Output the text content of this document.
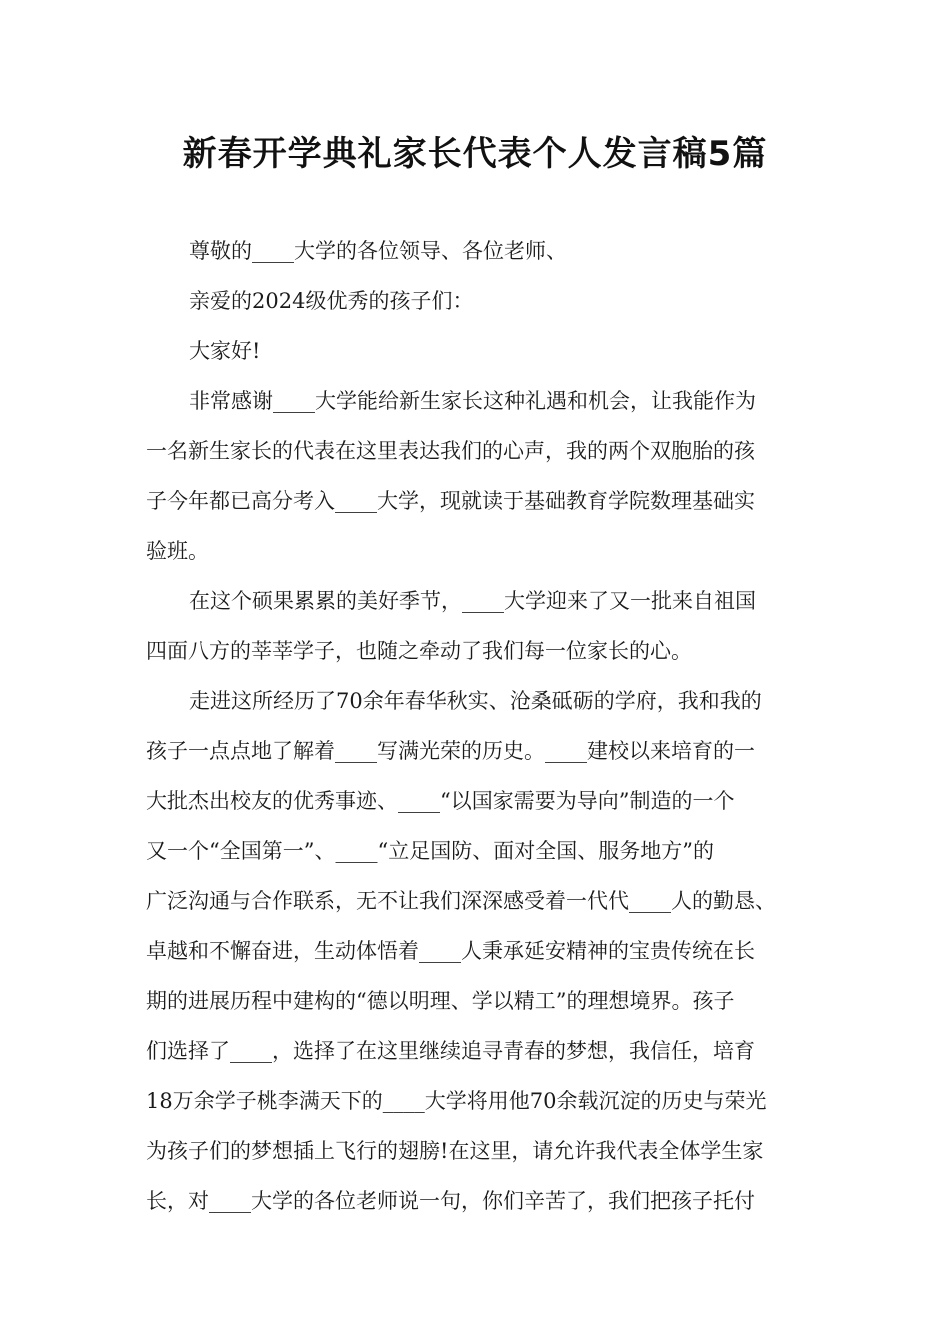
新春开学典礼家长代表个人发言稿5篇

尊敬的____大学的各位领导、各位老师、

亲爱的2024级优秀的孩子们：

大家好!

非常感谢____大学能给新生家长这种礼遇和机会，让我能作为

一名新生家长的代表在这里表达我们的心声，我的两个双胞胎的孩

子今年都已高分考入____大学，现就读于基础教育学院数理基础实

验班。

在这个硕果累累的美好季节，____大学迎来了又一批来自祖国

四面八方的莘莘学子，也随之牵动了我们每一位家长的心。

走进这所经历了70余年春华秋实、沧桑砥砺的学府，我和我的

孩子一点点地了解着____写满光荣的历史。____建校以来培育的一

大批杰出校友的优秀事迹、____“以国家需要为导向”制造的一个

又一个“全国第一”、____“立足国防、面对全国、服务地方”的

广泛沟通与合作联系，无不让我们深深感受着一代代____人的勤恳、

卓越和不懈奋进，生动体悟着____人秉承延安精神的宝贵传统在长

期的进展历程中建构的“德以明理、学以精工”的理想境界。孩子

们选择了____，选择了在这里继续追寻青春的梦想，我信任，培育

18万余学子桃李满天下的____大学将用他70余载沉淀的历史与荣光

为孩子们的梦想插上飞行的翅膀!在这里，请允许我代表全体学生家

长，对____大学的各位老师说一句，你们辛苦了，我们把孩子托付
